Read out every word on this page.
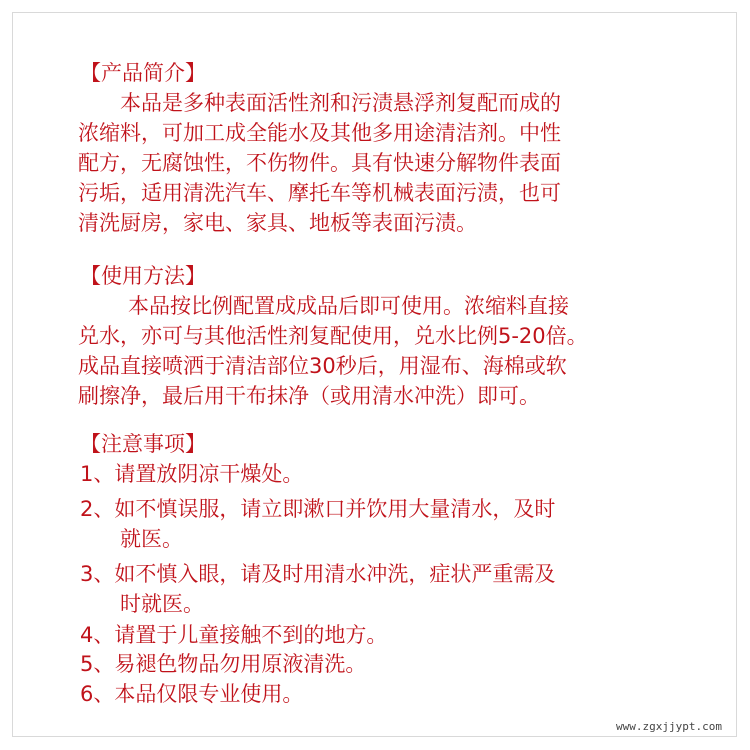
【产品简介】
本品是多种表面活性剂和污渍悬浮剂复配而成的
浓缩料，可加工成全能水及其他多用途清洁剂。中性
配方，无腐蚀性，不伤物件。具有快速分解物件表面
污垢，适用清洗汽车、摩托车等机械表面污渍，也可
清洗厨房，家电、家具、地板等表面污渍。
【使用方法】
本品按比例配置成成品后即可使用。浓缩料直接
兑水，亦可与其他活性剂复配使用，兑水比例5-20倍。
成品直接喷洒于清洁部位30秒后，用湿布、海棉或软
刷擦净，最后用干布抹净（或用清水冲洗）即可。
【注意事项】
1、请置放阴凉干燥处。
2、如不慎误服，请立即漱口并饮用大量清水，及时
就医。
3、如不慎入眼，请及时用清水冲洗，症状严重需及
时就医。
4、请置于儿童接触不到的地方。
5、易褪色物品勿用原液清洗。
6、本品仅限专业使用。
www.zgxjjypt.com
